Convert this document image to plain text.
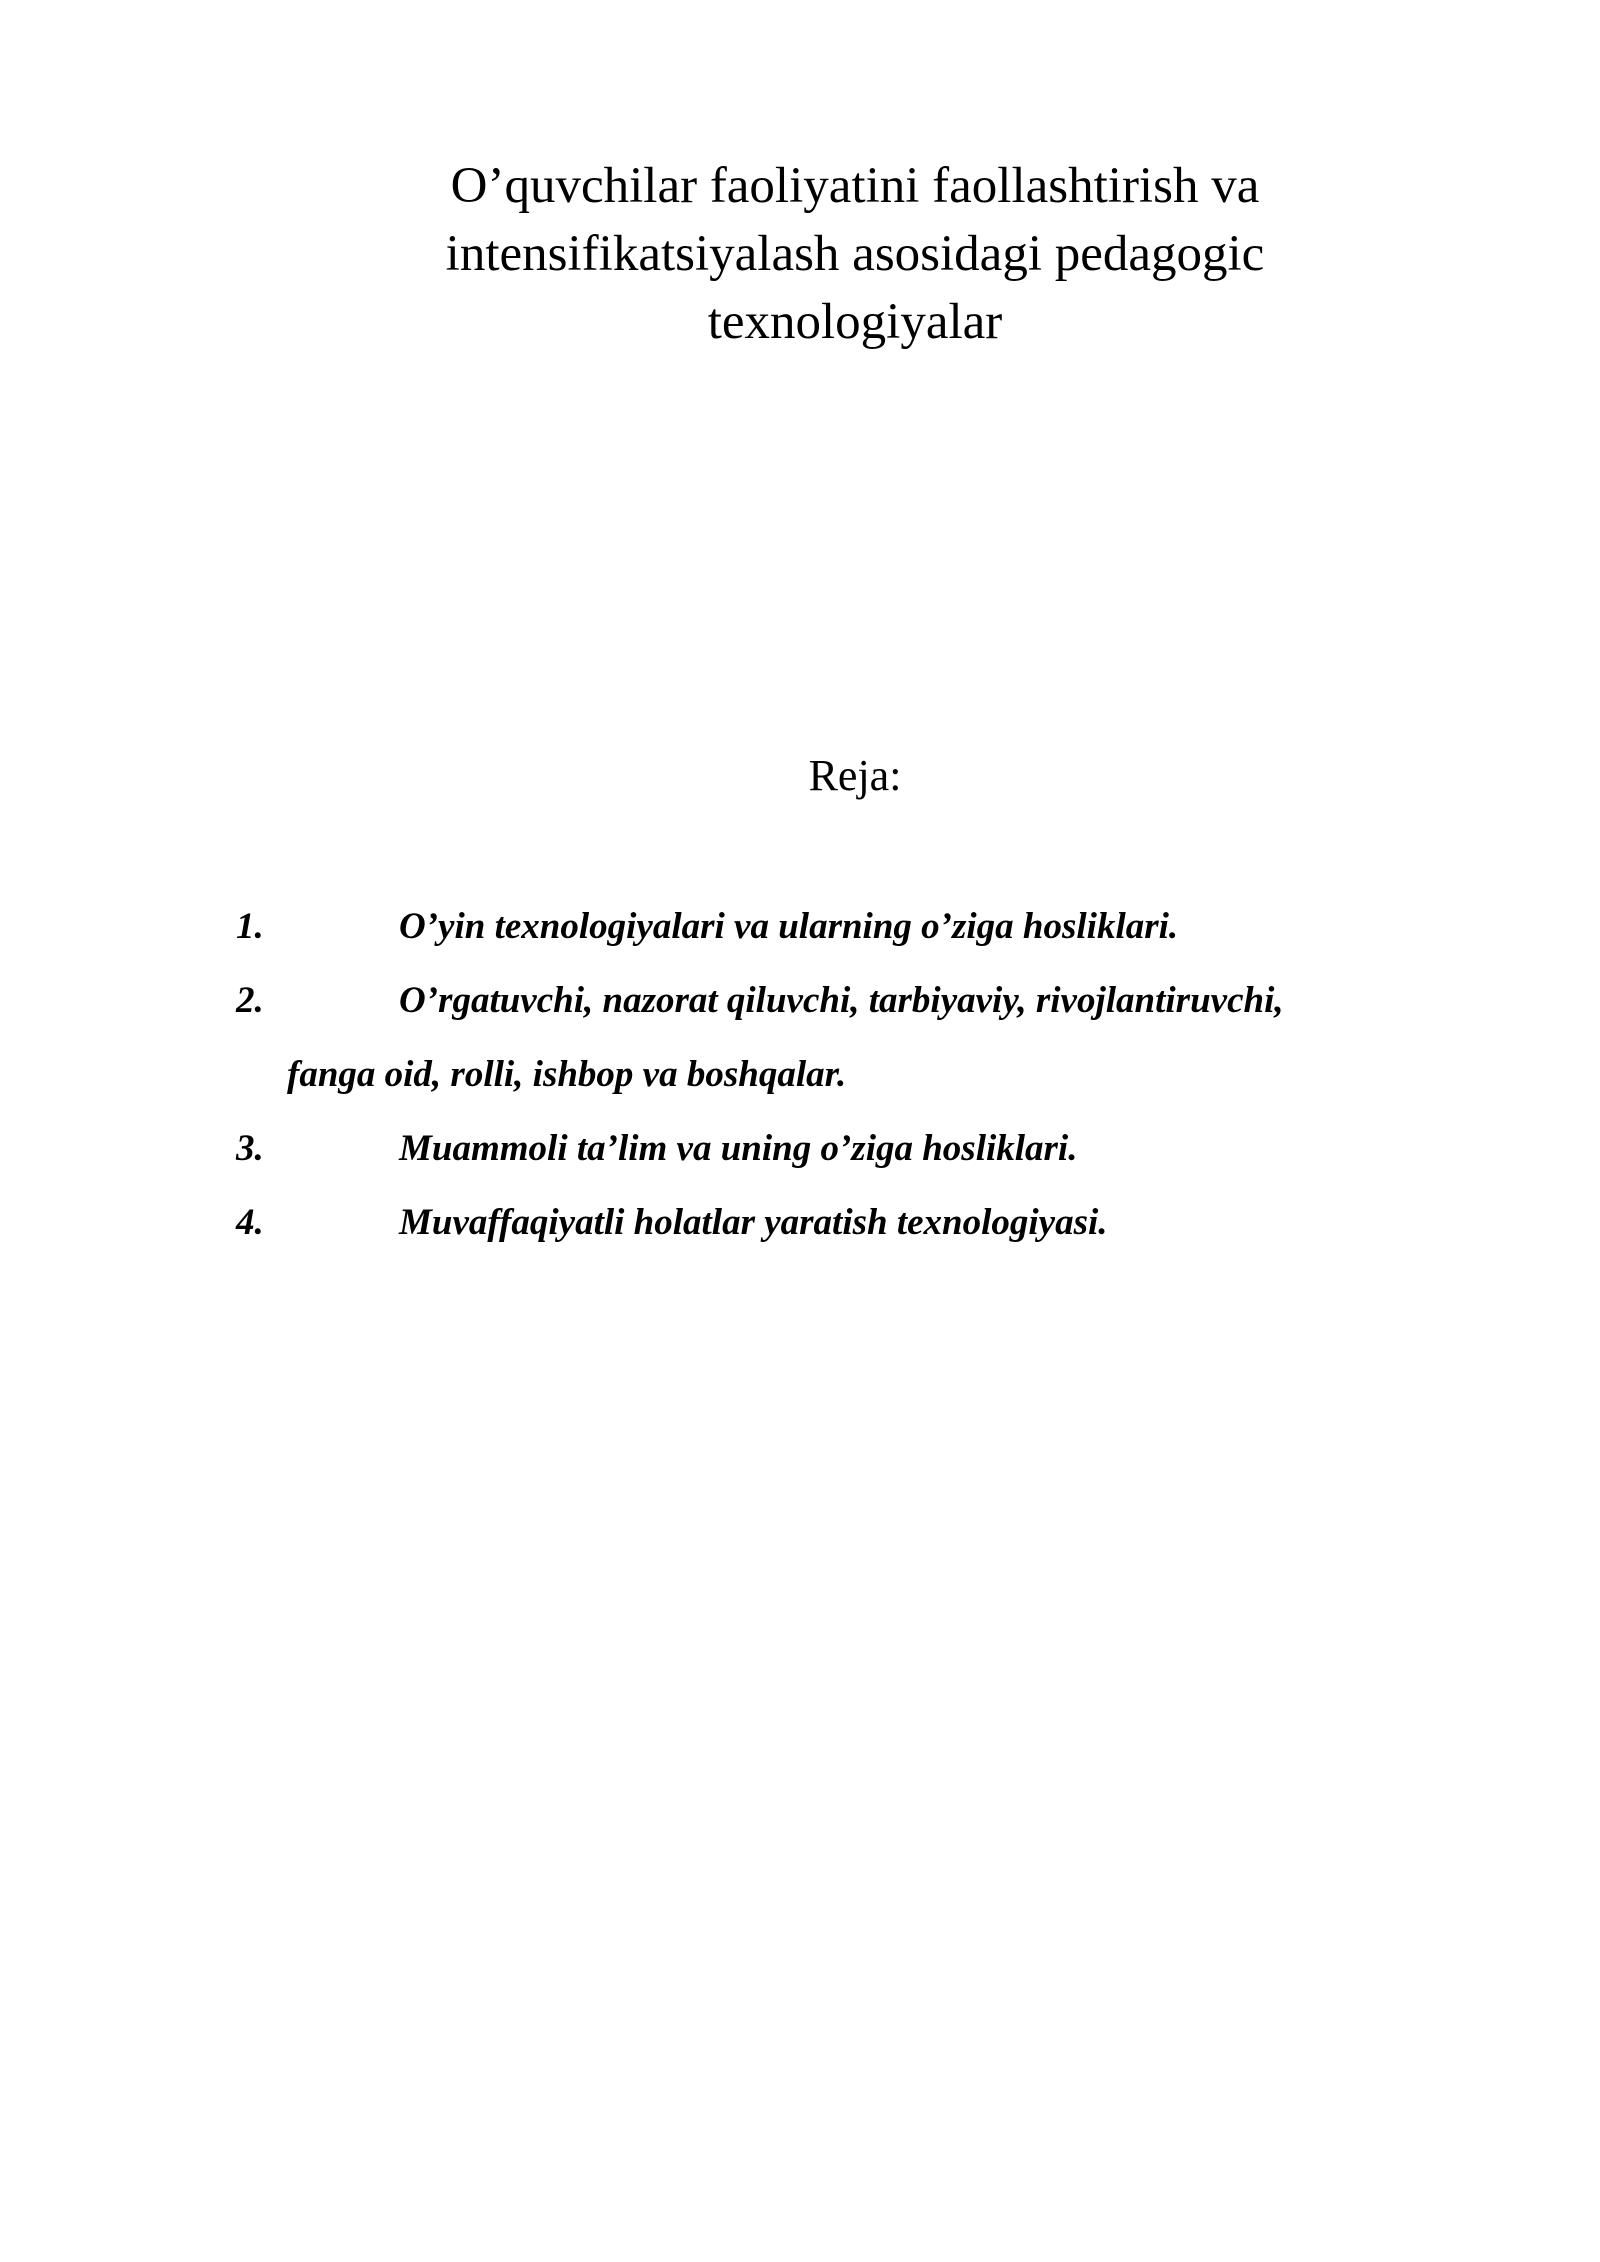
O’quvchilar faoliyatini faollashtirish va
intensifikatsiyalash asosidagi pedagogic
texnologiyalar

Reja:

1.	O’yin texnologiyalari va ularning o’ziga hosliklari.
2.	O’rgatuvchi, nazorat qiluvchi, tarbiyaviy, rivojlantiruvchi,
fanga oid, rolli, ishbop va boshqalar.
3.	Muammoli ta’lim va uning o’ziga hosliklari.
4.	Muvaffaqiyatli holatlar yaratish texnologiyasi.
